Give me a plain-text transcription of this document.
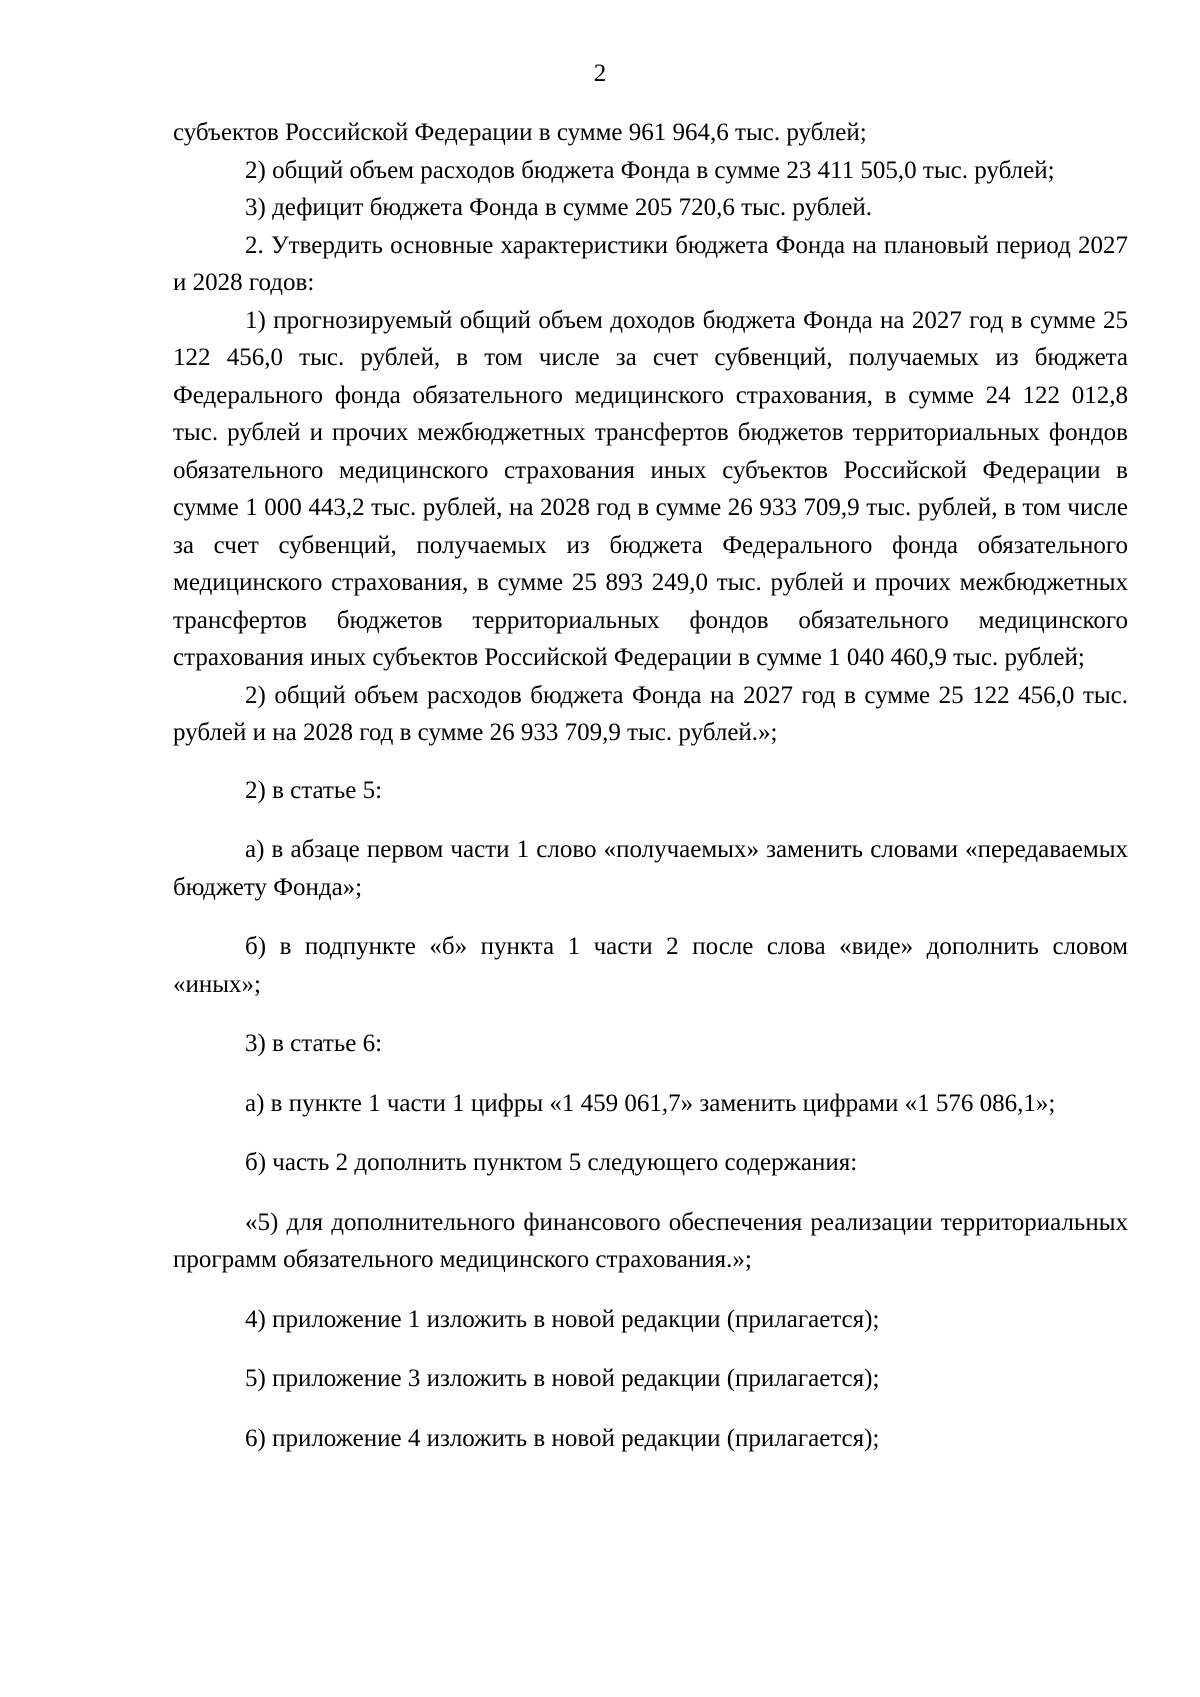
2

субъектов Российской Федерации в сумме 961 964,6 тыс. рублей;

2) общий объем расходов бюджета Фонда в сумме 23 411 505,0 тыс. рублей;

3) дефицит бюджета Фонда в сумме 205 720,6 тыс. рублей.

2. Утвердить основные характеристики бюджета Фонда на плановый период 2027 и 2028 годов:

1) прогнозируемый общий объем доходов бюджета Фонда на 2027 год в сумме 25 122 456,0 тыс. рублей, в том числе за счет субвенций, получаемых из бюджета Федерального фонда обязательного медицинского страхования, в сумме 24 122 012,8 тыс. рублей и прочих межбюджетных трансфертов бюджетов территориальных фондов обязательного медицинского страхования иных субъектов Российской Федерации в сумме 1 000 443,2 тыс. рублей, на 2028 год в сумме 26 933 709,9 тыс. рублей, в том числе за счет субвенций, получаемых из бюджета Федерального фонда обязательного медицинского страхования, в сумме 25 893 249,0 тыс. рублей и прочих межбюджетных трансфертов бюджетов территориальных фондов обязательного медицинского страхования иных субъектов Российской Федерации в сумме 1 040 460,9 тыс. рублей;

2) общий объем расходов бюджета Фонда на 2027 год в сумме 25 122 456,0 тыс. рублей и на 2028 год в сумме 26 933 709,9 тыс. рублей.»;

2) в статье 5:

а) в абзаце первом части 1 слово «получаемых» заменить словами «передаваемых бюджету Фонда»;

б) в подпункте «б» пункта 1 части 2 после слова «виде» дополнить словом «иных»;

3) в статье 6:

а) в пункте 1 части 1 цифры «1 459 061,7» заменить цифрами «1 576 086,1»;

б) часть 2 дополнить пунктом 5 следующего содержания:

«5) для дополнительного финансового обеспечения реализации территориальных программ обязательного медицинского страхования.»;

4) приложение 1 изложить в новой редакции (прилагается);

5) приложение 3 изложить в новой редакции (прилагается);

6) приложение 4 изложить в новой редакции (прилагается);
